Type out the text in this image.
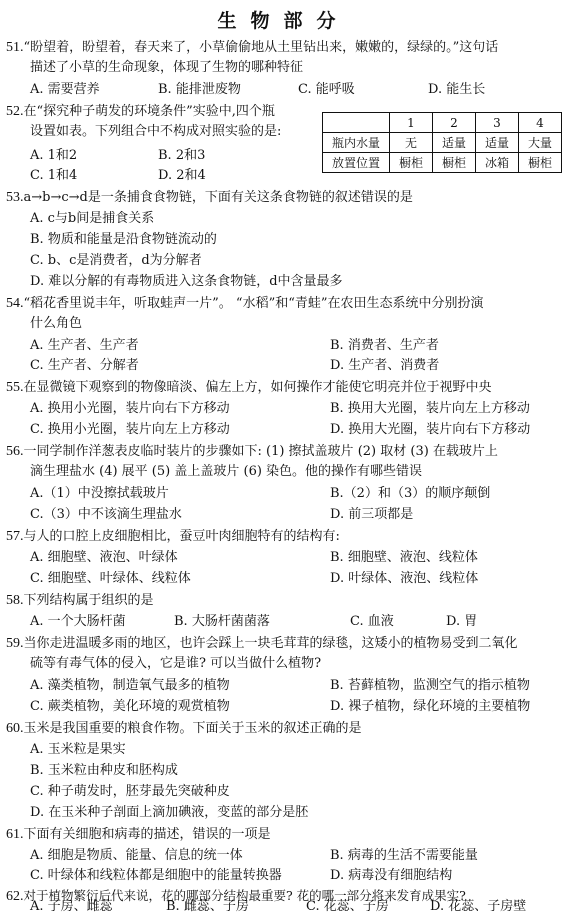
生物部分
51.“盼望着，盼望着，春天来了，小草偷偷地从土里钻出来，嫩嫩的，绿绿的。”这句话
描述了小草的生命现象，体现了生物的哪种特征
A. 需要营养	B. 能排泄废物	C. 能呼吸	D. 能生长
52.在“探究种子萌发的环境条件”实验中,四个瓶
设置如表。下列组合中不构成对照实验的是:
A. 1和2	B. 2和3
C. 1和4	D. 2和4
	1	2	3	4
瓶内水量	无	适量	适量	大量
放置位置	橱柜	橱柜	冰箱	橱柜
53.a→b→c→d是一条捕食食物链，下面有关这条食物链的叙述错误的是
A. c与b间是捕食关系
B. 物质和能量是沿食物链流动的
C. b、c是消费者，d为分解者
D. 难以分解的有毒物质进入这条食物链，d中含量最多
54.“稻花香里说丰年，听取蛙声一片”。 “水稻”和“青蛙”在农田生态系统中分别扮演
什么角色
A. 生产者、生产者	B. 消费者、生产者
C. 生产者、分解者	D. 生产者、消费者
55.在显微镜下观察到的物像暗淡、偏左上方，如何操作才能使它明亮并位于视野中央
A. 换用小光圈，装片向右下方移动	B. 换用大光圈，装片向左上方移动
C. 换用小光圈，装片向左上方移动	D. 换用大光圈，装片向右下方移动
56.一同学制作洋葱表皮临时装片的步骤如下: (1) 擦拭盖玻片 (2) 取材 (3) 在载玻片上
滴生理盐水 (4) 展平 (5) 盖上盖玻片 (6) 染色。他的操作有哪些错误
A.（1）中没擦拭载玻片	B.（2）和（3）的顺序颠倒
C.（3）中不该滴生理盐水	D. 前三项都是
57.与人的口腔上皮细胞相比，蚕豆叶肉细胞特有的结构有:
A. 细胞壁、液泡、叶绿体	B. 细胞壁、液泡、线粒体
C. 细胞壁、叶绿体、线粒体	D. 叶绿体、液泡、线粒体
58.下列结构属于组织的是
A. 一个大肠杆菌	B. 大肠杆菌菌落	C. 血液	D. 胃
59.当你走进温暖多雨的地区，也许会踩上一块毛茸茸的绿毯，这矮小的植物易受到二氧化
硫等有毒气体的侵入，它是谁? 可以当做什么植物?
A. 藻类植物，制造氧气最多的植物	B. 苔藓植物，监测空气的指示植物
C. 蕨类植物，美化环境的观赏植物	D. 裸子植物，绿化环境的主要植物
60.玉米是我国重要的粮食作物。下面关于玉米的叙述正确的是
A. 玉米粒是果实
B. 玉米粒由种皮和胚构成
C. 种子萌发时，胚芽最先突破种皮
D. 在玉米种子剖面上滴加碘液，变蓝的部分是胚
61.下面有关细胞和病毒的描述，错误的一项是
A. 细胞是物质、能量、信息的统一体	B. 病毒的生活不需要能量
C. 叶绿体和线粒体都是细胞中的能量转换器	D. 病毒没有细胞结构
62.对于植物繁衍后代来说，花的哪部分结构最重要? 花的哪一部分将来发育成果实?
A. 子房、雌蕊	B. 雌蕊、子房	C. 花蕊、子房	D. 花蕊、子房壁
